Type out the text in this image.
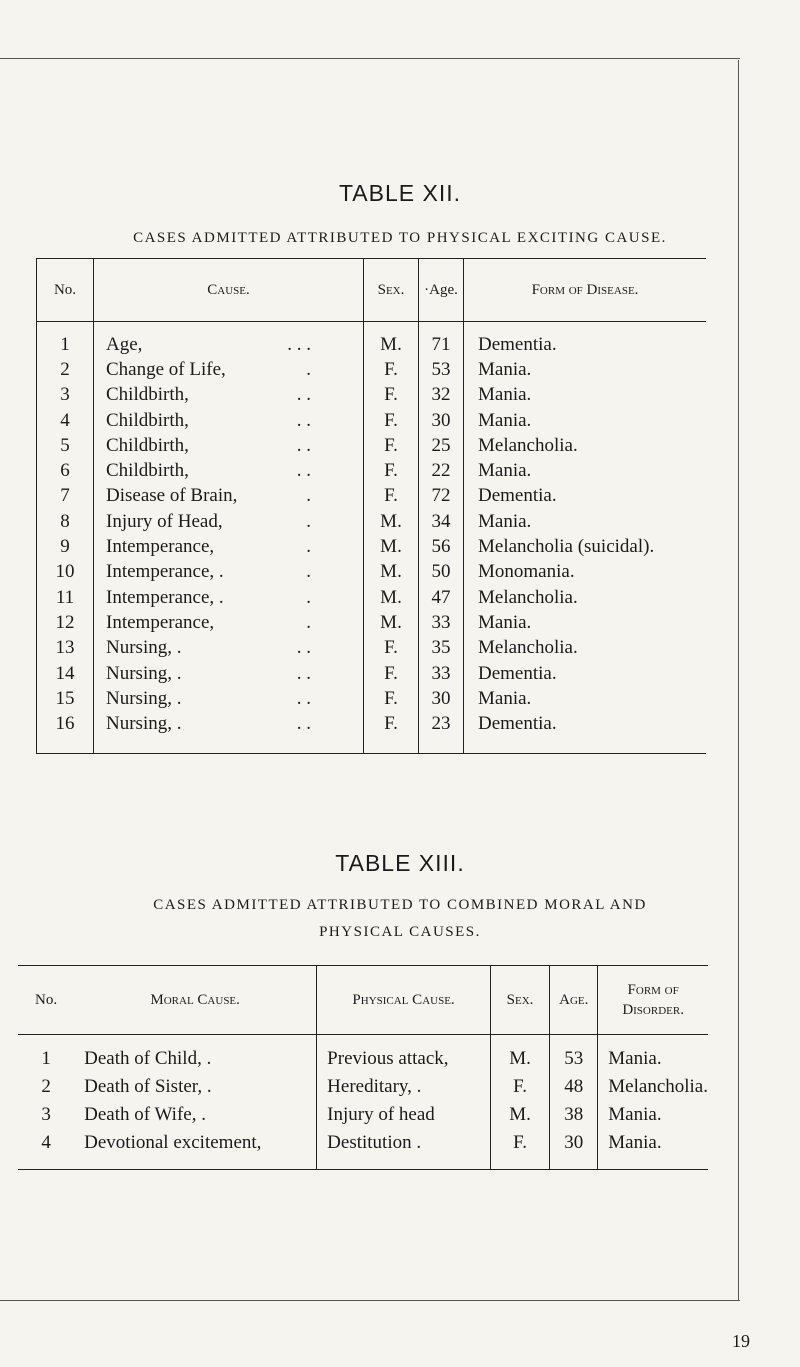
TABLE XII.
CASES ADMITTED ATTRIBUTED TO PHYSICAL EXCITING CAUSE.
No.	Cause.	Sex.	·Age.	Form of Disease.
1	Age, . . .	M.	71	Dementia.
2	Change of Life, .	F.	53	Mania.
3	Childbirth, . .	F.	32	Mania.
4	Childbirth, . .	F.	30	Mania.
5	Childbirth, . .	F.	25	Melancholia.
6	Childbirth, . .	F.	22	Mania.
7	Disease of Brain, .	F.	72	Dementia.
8	Injury of Head, .	M.	34	Mania.
9	Intemperance, .	M.	56	Melancholia (suicidal).
10	Intemperance, . .	M.	50	Monomania.
11	Intemperance, . .	M.	47	Melancholia.
12	Intemperance, .	M.	33	Mania.
13	Nursing, . . .	F.	35	Melancholia.
14	Nursing, . . .	F.	33	Dementia.
15	Nursing, . . .	F.	30	Mania.
16	Nursing, . . .	F.	23	Dementia.
TABLE XIII.
CASES ADMITTED ATTRIBUTED TO COMBINED MORAL AND
PHYSICAL CAUSES.
No.	Moral Cause.	Physical Cause.	Sex.	Age.	Form of Disorder.
1	Death of Child, .	Previous attack,	M.	53	Mania.
2	Death of Sister, .	Hereditary, .	F.	48	Melancholia.
3	Death of Wife, .	Injury of head	M.	38	Mania.
4	Devotional excitement,	Destitution .	F.	30	Mania.
19
